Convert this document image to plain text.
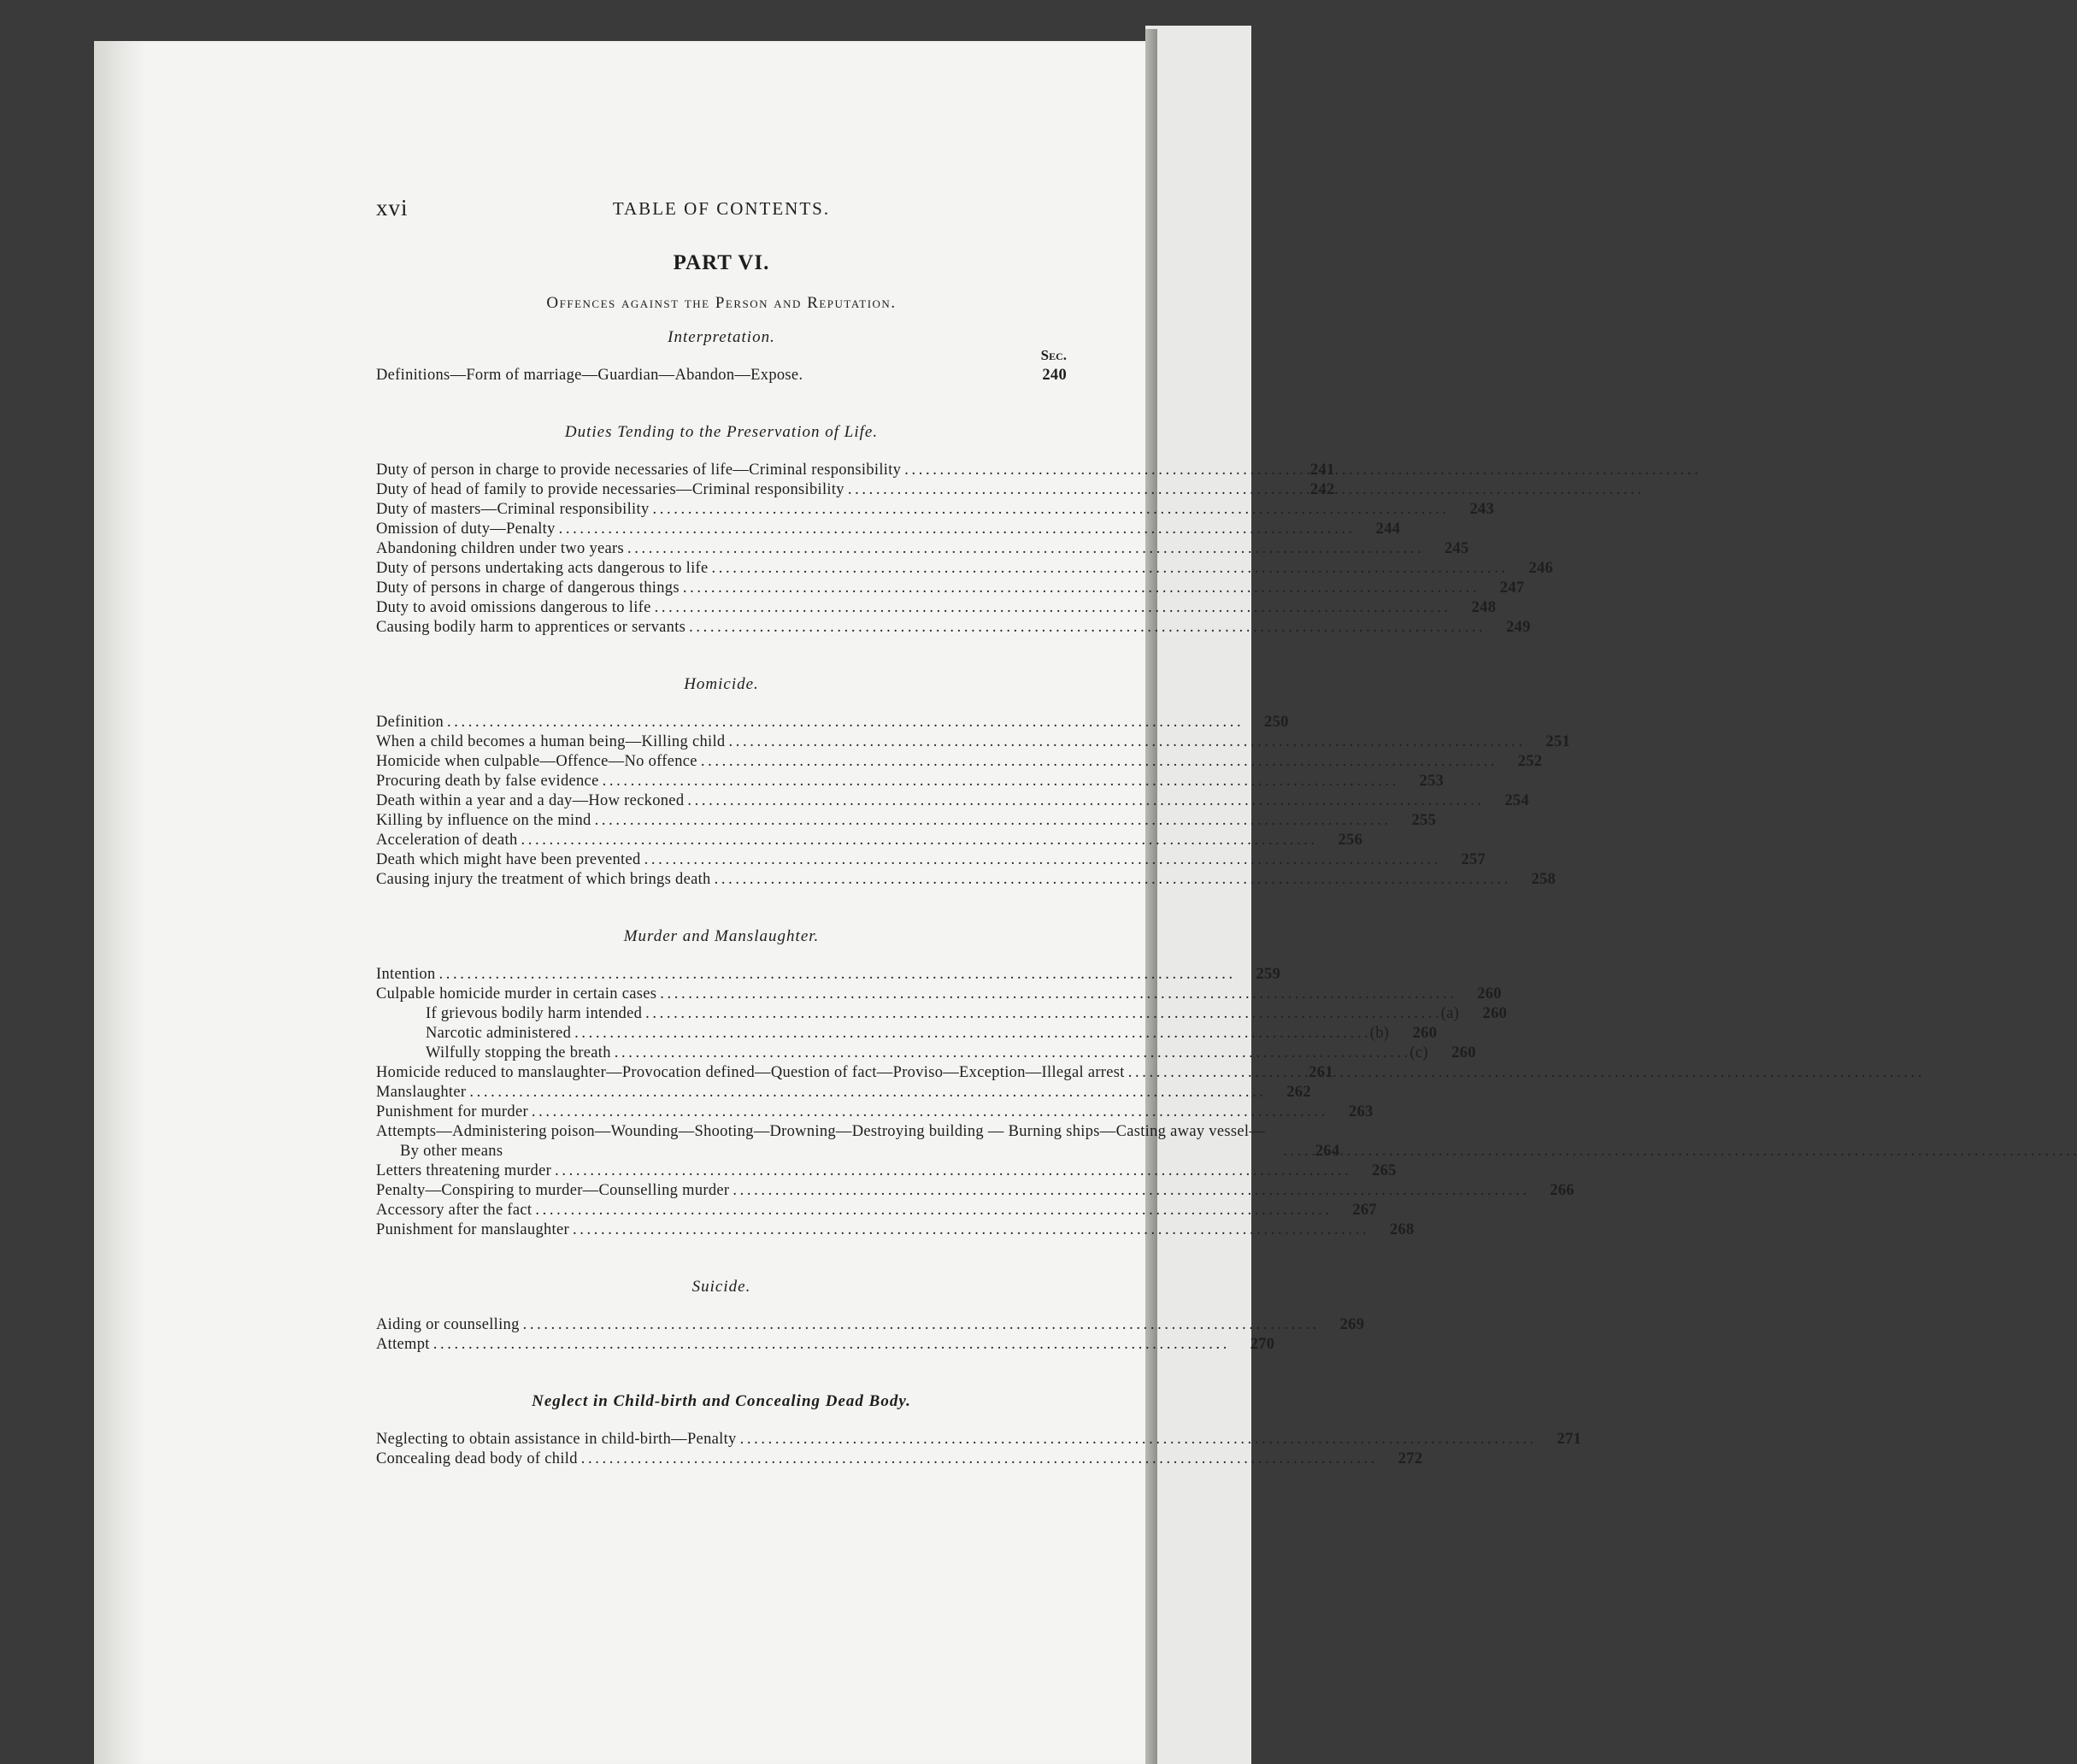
xvi	TABLE OF CONTENTS.
PART VI.
Offences against the Person and Reputation.
Interpretation.
Sec.
Definitions—Form of marriage—Guardian—Abandon—Expose.	240
Duties Tending to the Preservation of Life.
Duty of person in charge to provide necessaries of life—Criminal responsibility . . .	241
Duty of head of family to provide necessaries—Criminal responsibility . . .	242
Duty of masters—Criminal responsibility . . .	243
Omission of duty—Penalty . . .	244
Abandoning children under two years . . .	245
Duty of persons undertaking acts dangerous to life . . .	246
Duty of persons in charge of dangerous things . . .	247
Duty to avoid omissions dangerous to life . . .	248
Causing bodily harm to apprentices or servants . . .	249
Homicide.
Definition . . .	250
When a child becomes a human being—Killing child . . .	251
Homicide when culpable—Offence—No offence . . .	252
Procuring death by false evidence . . .	253
Death within a year and a day—How reckoned . . .	254
Killing by influence on the mind . . .	255
Acceleration of death . . .	256
Death which might have been prevented . . .	257
Causing injury the treatment of which brings death . . .	258
Murder and Manslaughter.
Intention . . .	259
Culpable homicide murder in certain cases . . .	260
If grievous bodily harm intended . . .	(a)	260
Narcotic administered . . .	(b)	260
Wilfully stopping the breath . . .	(c)	260
Homicide reduced to manslaughter—Provocation defined—Question of fact—Proviso—Exception—Illegal arrest . . .	261
Manslaughter . . .	262
Punishment for murder . . .	263
Attempts—Administering poison—Wounding—Shooting—Drowning—Destroying building — Burning ships—Casting away vessel—By other means . . .	264
Letters threatening murder . . .	265
Penalty—Conspiring to murder—Counselling murder . . .	266
Accessory after the fact . . .	267
Punishment for manslaughter . . .	268
Suicide.
Aiding or counselling . . .	269
Attempt . . .	270
Neglect in Child-birth and Concealing Dead Body.
Neglecting to obtain assistance in child-birth—Penalty . . .	271
Concealing dead body of child . . .	272
